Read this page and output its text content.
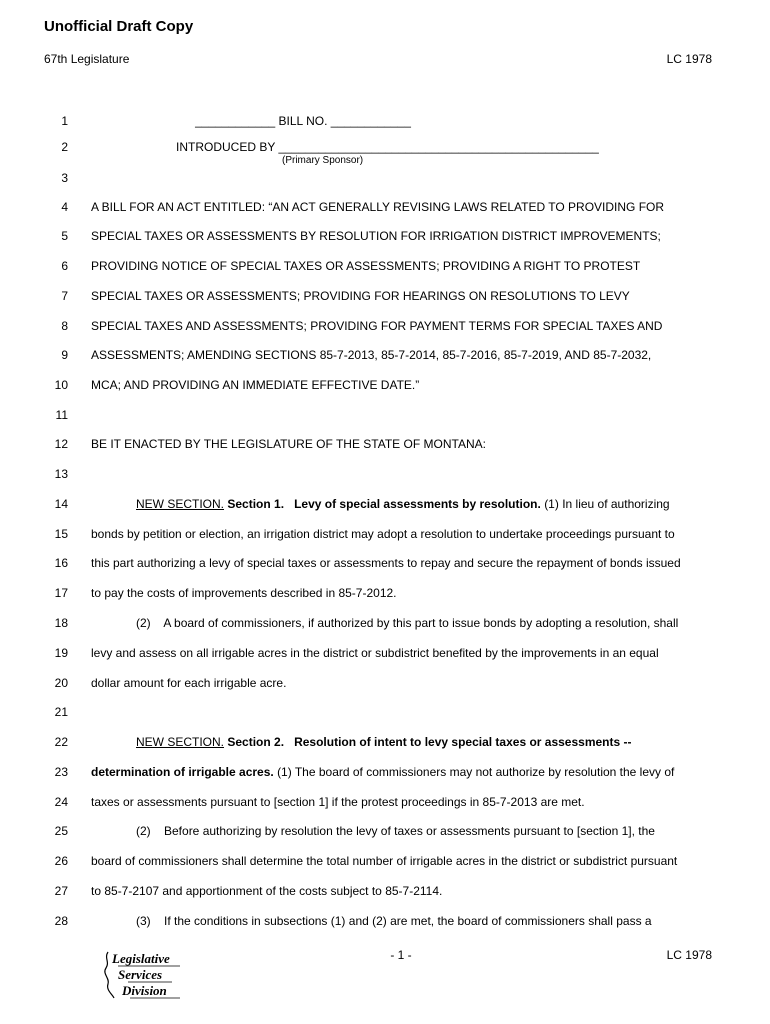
Unofficial Draft Copy
67th Legislature	LC 1978
1	____________ BILL NO. ____________
2	INTRODUCED BY ________________________________________________
(Primary Sponsor)
3
4 A BILL FOR AN ACT ENTITLED: “AN ACT GENERALLY REVISING LAWS RELATED TO PROVIDING FOR
5 SPECIAL TAXES OR ASSESSMENTS BY RESOLUTION FOR IRRIGATION DISTRICT IMPROVEMENTS;
6 PROVIDING NOTICE OF SPECIAL TAXES OR ASSESSMENTS; PROVIDING A RIGHT TO PROTEST
7 SPECIAL TAXES OR ASSESSMENTS; PROVIDING FOR HEARINGS ON RESOLUTIONS TO LEVY
8 SPECIAL TAXES AND ASSESSMENTS; PROVIDING FOR PAYMENT TERMS FOR SPECIAL TAXES AND
9 ASSESSMENTS; AMENDING SECTIONS 85-7-2013, 85-7-2014, 85-7-2016, 85-7-2019, AND 85-7-2032,
10 MCA; AND PROVIDING AN IMMEDIATE EFFECTIVE DATE.”
11
12 BE IT ENACTED BY THE LEGISLATURE OF THE STATE OF MONTANA:
13
14	NEW SECTION. Section 1. Levy of special assessments by resolution. (1) In lieu of authorizing
15 bonds by petition or election, an irrigation district may adopt a resolution to undertake proceedings pursuant to
16 this part authorizing a levy of special taxes or assessments to repay and secure the repayment of bonds issued
17 to pay the costs of improvements described in 85-7-2012.
18	(2)    A board of commissioners, if authorized by this part to issue bonds by adopting a resolution, shall
19 levy and assess on all irrigable acres in the district or subdistrict benefited by the improvements in an equal
20 dollar amount for each irrigable acre.
21
22	NEW SECTION. Section 2. Resolution of intent to levy special taxes or assessments --
23 determination of irrigable acres. (1) The board of commissioners may not authorize by resolution the levy of
24 taxes or assessments pursuant to [section 1] if the protest proceedings in 85-7-2013 are met.
25	(2)    Before authorizing by resolution the levy of taxes or assessments pursuant to [section 1], the
26 board of commissioners shall determine the total number of irrigable acres in the district or subdistrict pursuant
27 to 85-7-2107 and apportionment of the costs subject to 85-7-2114.
28	(3)    If the conditions in subsections (1) and (2) are met, the board of commissioners shall pass a
Legislative
Services
Division
- 1 -	LC 1978
